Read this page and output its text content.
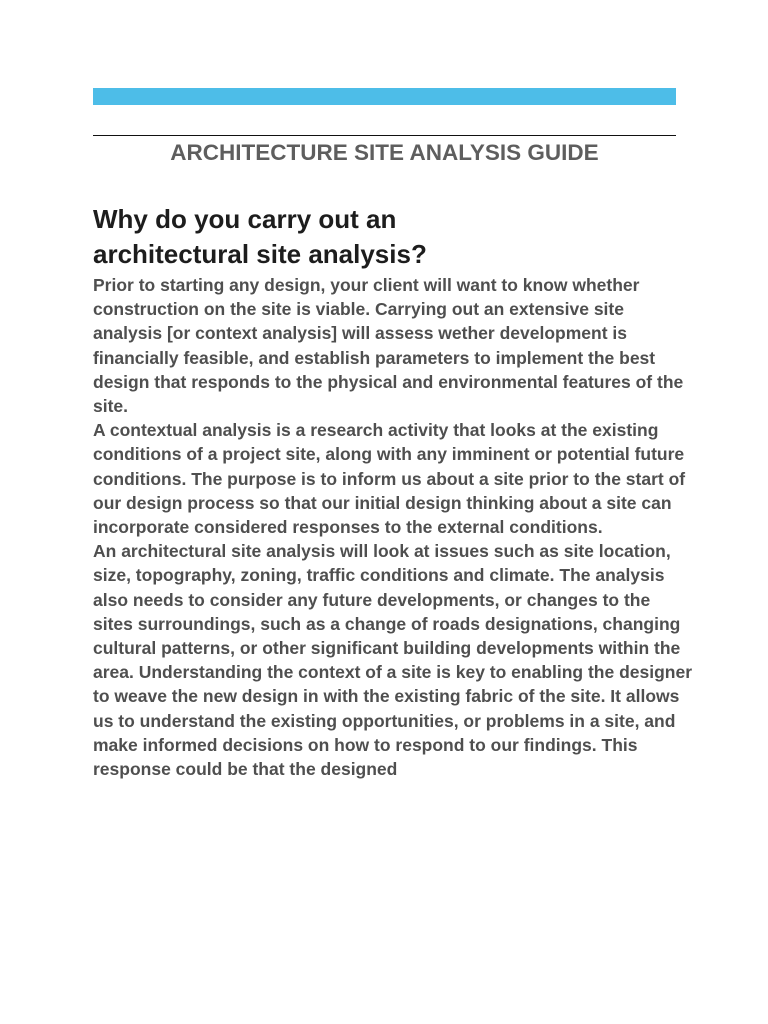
ARCHITECTURE SITE ANALYSIS GUIDE
Why do you carry out an
architectural site analysis?

Prior to starting any design, your client will want to know whether construction on the site is viable. Carrying out an extensive site analysis [or context analysis] will assess wether development is financially feasible, and establish parameters to implement the best design that responds to the physical and environmental features of the site.

A contextual analysis is a research activity that looks at the existing conditions of a project site, along with any imminent or potential future conditions. The purpose is to inform us about a site prior to the start of our design process so that our initial design thinking about a site can incorporate considered responses to the external conditions.

An architectural site analysis will look at issues such as site location, size, topography, zoning, traffic conditions and climate. The analysis also needs to consider any future developments, or changes to the sites surroundings, such as a change of roads designations, changing cultural patterns, or other significant building developments within the area. Understanding the context of a site is key to enabling the designer to weave the new design in with the existing fabric of the site. It allows us to understand the existing opportunities, or problems in a site, and make informed decisions on how to respond to our findings. This response could be that the designed
